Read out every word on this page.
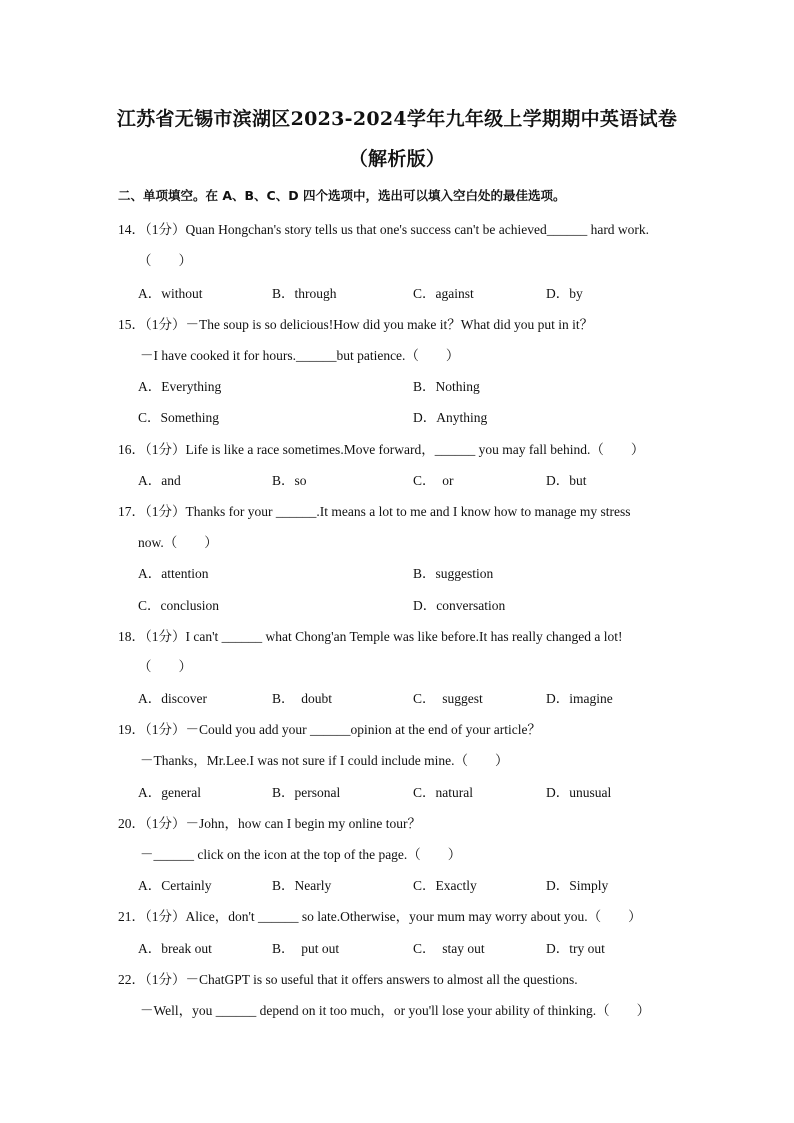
江苏省无锡市滨湖区2023-2024学年九年级上学期期中英语试卷
（解析版）
二、单项填空。在 A、B、C、D 四个选项中，选出可以填入空白处的最佳选项。
14．（1分）Quan Hongchan's story tells us that one's success can't be achieved______ hard work.
（　　）
A．without	B．through	C．against	D．by
15．（1分）－The soup is so delicious!How did you make it？What did you put in it？
－I have cooked it for hours.______but patience.（　　）
A．Everything	B．Nothing
C．Something	D．Anything
16．（1分）Life is like a race sometimes.Move forward，______ you may fall behind.（　　）
A．and	B．so	C．　or	D．but
17．（1分）Thanks for your ______.It means a lot to me and I know how to manage my stress
now.（　　）
A．attention	B．suggestion
C．conclusion	D．conversation
18．（1分）I can't ______ what Chong'an Temple was like before.It has really changed a lot!
（　　）
A．discover	B．　doubt	C．　suggest	D．imagine
19．（1分）－Could you add your ______opinion at the end of your article？
－Thanks，Mr.Lee.I was not sure if I could include mine.（　　）
A．general	B．personal	C．natural	D．unusual
20．（1分）－John，how can I begin my online tour？
－______ click on the icon at the top of the page.（　　）
A．Certainly	B．Nearly	C．Exactly	D．Simply
21．（1分）Alice，don't ______ so late.Otherwise，your mum may worry about you.（　　）
A．break out	B．　put out	C．　stay out	D．try out
22．（1分）－ChatGPT is so useful that it offers answers to almost all the questions.
－Well，you ______ depend on it too much，or you'll lose your ability of thinking.（　　）
